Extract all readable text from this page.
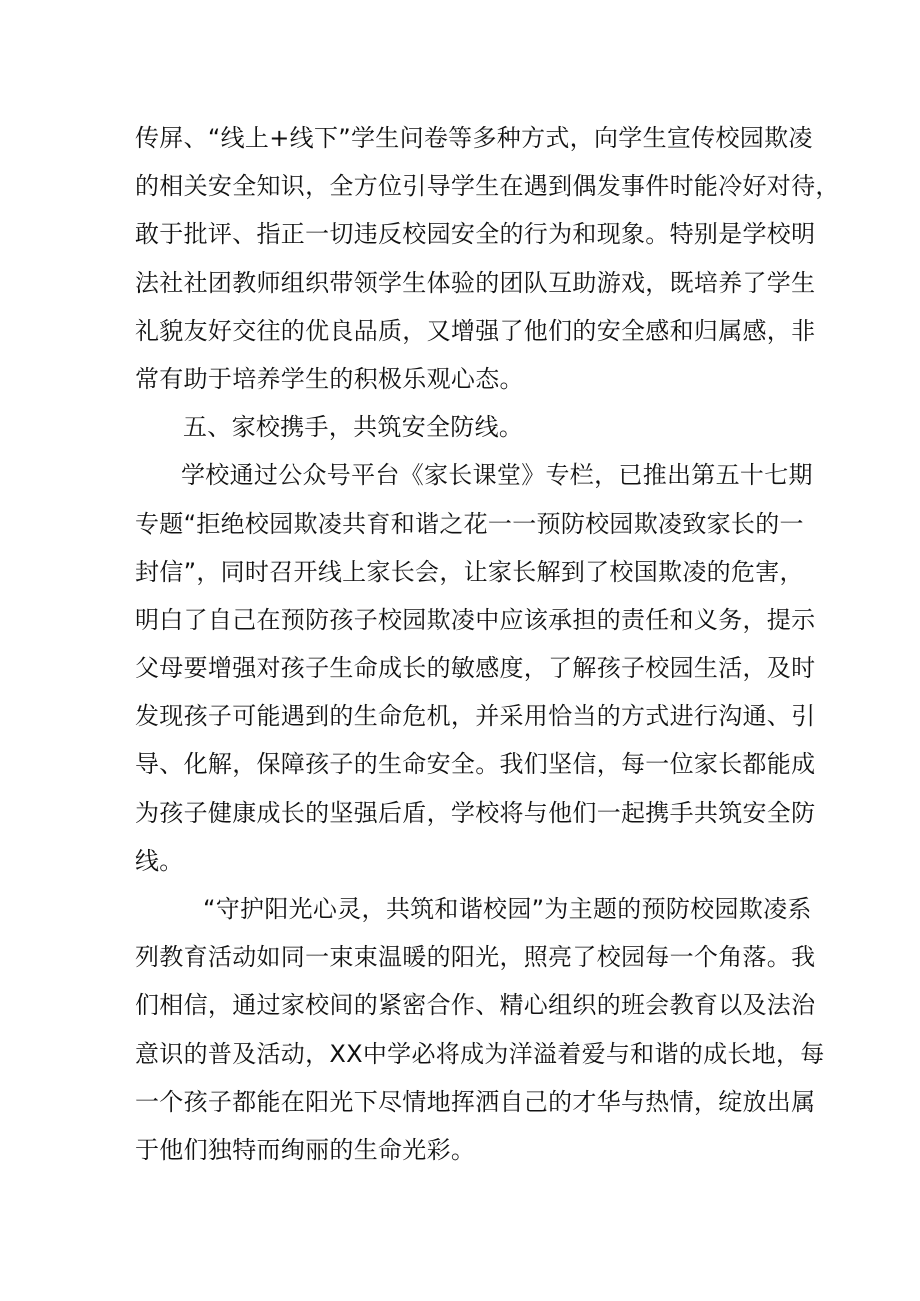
传屏、“线上+线下”学生问卷等多种方式，向学生宣传校园欺凌
的相关安全知识，全方位引导学生在遇到偶发事件时能冷好对待，
敢于批评、指正一切违反校园安全的行为和现象。特别是学校明
法社社团教师组织带领学生体验的团队互助游戏，既培养了学生
礼貌友好交往的优良品质，又增强了他们的安全感和归属感，非
常有助于培养学生的积极乐观心态。
五、家校携手，共筑安全防线。
学校通过公众号平台《家长课堂》专栏，已推出第五十七期
专题“拒绝校园欺凌共育和谐之花一一预防校园欺凌致家长的一
封信”，同时召开线上家长会，让家长解到了校国欺凌的危害，
明白了自己在预防孩子校园欺凌中应该承担的责任和义务，提示
父母要增强对孩子生命成长的敏感度，了解孩子校园生活，及时
发现孩子可能遇到的生命危机，并采用恰当的方式进行沟通、引
导、化解，保障孩子的生命安全。我们坚信，每一位家长都能成
为孩子健康成长的坚强后盾，学校将与他们一起携手共筑安全防
线。
“守护阳光心灵，共筑和谐校园”为主题的预防校园欺凌系
列教育活动如同一束束温暖的阳光，照亮了校园每一个角落。我
们相信，通过家校间的紧密合作、精心组织的班会教育以及法治
意识的普及活动，XX中学必将成为洋溢着爱与和谐的成长地，每
一个孩子都能在阳光下尽情地挥洒自己的才华与热情，绽放出属
于他们独特而绚丽的生命光彩。
